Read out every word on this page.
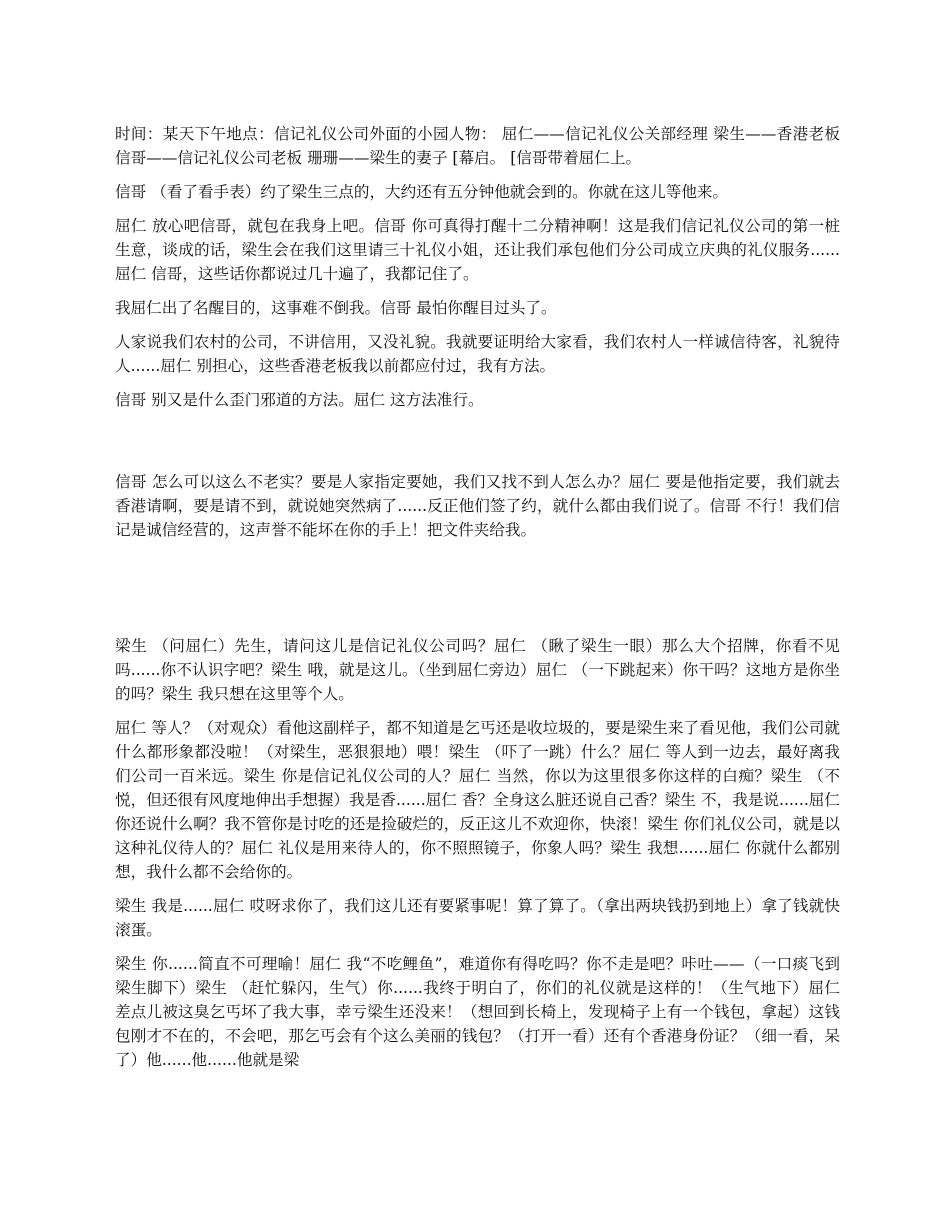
时间：某天下午地点：信记礼仪公司外面的小园人物： 屈仁——信记礼仪公关部经理 梁生——香港老板 信哥——信记礼仪公司老板 珊珊——梁生的妻子 [幕启。 [信哥带着屈仁上。

信哥 （看了看手表）约了梁生三点的，大约还有五分钟他就会到的。你就在这儿等他来。

屈仁 放心吧信哥，就包在我身上吧。信哥 你可真得打醒十二分精神啊！这是我们信记礼仪公司的第一桩生意，谈成的话，梁生会在我们这里请三十礼仪小姐，还让我们承包他们分公司成立庆典的礼仪服务......屈仁 信哥，这些话你都说过几十遍了，我都记住了。

我屈仁出了名醒目的，这事难不倒我。信哥 最怕你醒目过头了。

人家说我们农村的公司，不讲信用，又没礼貌。我就要证明给大家看，我们农村人一样诚信待客，礼貌待人......屈仁 别担心，这些香港老板我以前都应付过，我有方法。

信哥 别又是什么歪门邪道的方法。屈仁 这方法准行。

信哥 怎么可以这么不老实？要是人家指定要她，我们又找不到人怎么办？屈仁 要是他指定要，我们就去香港请啊，要是请不到，就说她突然病了......反正他们签了约，就什么都由我们说了。信哥 不行！我们信记是诚信经营的，这声誉不能坏在你的手上！把文件夹给我。

梁生 （问屈仁）先生，请问这儿是信记礼仪公司吗？屈仁 （瞅了梁生一眼）那么大个招牌，你看不见吗......你不认识字吧？梁生 哦，就是这儿。（坐到屈仁旁边）屈仁 （一下跳起来）你干吗？这地方是你坐的吗？梁生 我只想在这里等个人。

屈仁 等人？（对观众）看他这副样子，都不知道是乞丐还是收垃圾的，要是梁生来了看见他，我们公司就什么都形象都没啦！（对梁生，恶狠狠地）喂！梁生 （吓了一跳）什么？屈仁 等人到一边去，最好离我们公司一百米远。梁生 你是信记礼仪公司的人？屈仁 当然，你以为这里很多你这样的白痴？梁生 （不悦，但还很有风度地伸出手想握）我是香......屈仁 香？全身这么脏还说自己香？梁生 不，我是说......屈仁 你还说什么啊？我不管你是讨吃的还是捡破烂的，反正这儿不欢迎你，快滚！梁生 你们礼仪公司，就是以这种礼仪待人的？屈仁 礼仪是用来待人的，你不照照镜子，你象人吗？梁生 我想......屈仁 你就什么都别想，我什么都不会给你的。

梁生 我是......屈仁 哎呀求你了，我们这儿还有要紧事呢！算了算了。（拿出两块钱扔到地上）拿了钱就快滚蛋。

梁生 你......简直不可理喻！屈仁 我“不吃鲤鱼”，难道你有得吃吗？你不走是吧？咔吐——（一口痰飞到梁生脚下）梁生 （赶忙躲闪，生气）你......我终于明白了，你们的礼仪就是这样的！（生气地下）屈仁 差点儿被这臭乞丐坏了我大事，幸亏梁生还没来！（想回到长椅上，发现椅子上有一个钱包，拿起）这钱包刚才不在的，不会吧，那乞丐会有个这么美丽的钱包？（打开一看）还有个香港身份证？（细一看，呆了）他......他......他就是梁
